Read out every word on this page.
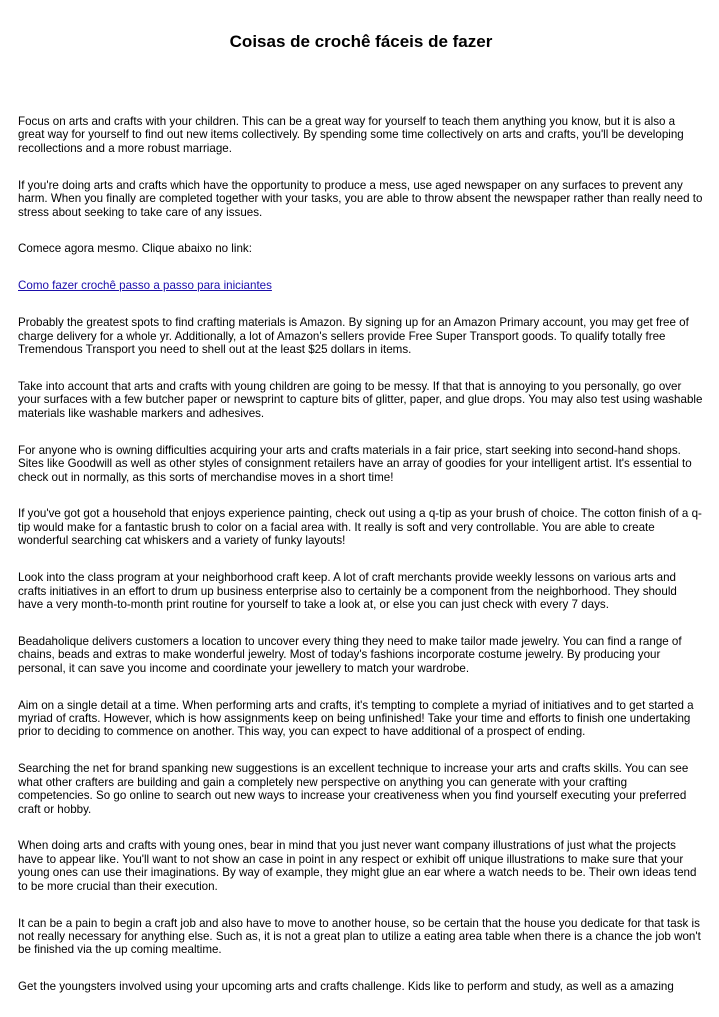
Coisas de crochê fáceis de fazer

Focus on arts and crafts with your children. This can be a great way for yourself to teach them anything you know, but it is also a great way for yourself to find out new items collectively. By spending some time collectively on arts and crafts, you'll be developing recollections and a more robust marriage.

If you're doing arts and crafts which have the opportunity to produce a mess, use aged newspaper on any surfaces to prevent any harm. When you finally are completed together with your tasks, you are able to throw absent the newspaper rather than really need to stress about seeking to take care of any issues.

Comece agora mesmo. Clique abaixo no link:

Como fazer crochê passo a passo para iniciantes

Probably the greatest spots to find crafting materials is Amazon. By signing up for an Amazon Primary account, you may get free of charge delivery for a whole yr. Additionally, a lot of Amazon's sellers provide Free Super Transport goods. To qualify totally free Tremendous Transport you need to shell out at the least $25 dollars in items.

Take into account that arts and crafts with young children are going to be messy. If that that is annoying to you personally, go over your surfaces with a few butcher paper or newsprint to capture bits of glitter, paper, and glue drops. You may also test using washable materials like washable markers and adhesives.

For anyone who is owning difficulties acquiring your arts and crafts materials in a fair price, start seeking into second-hand shops. Sites like Goodwill as well as other styles of consignment retailers have an array of goodies for your intelligent artist. It's essential to check out in normally, as this sorts of merchandise moves in a short time!

If you've got got a household that enjoys experience painting, check out using a q-tip as your brush of choice. The cotton finish of a q-tip would make for a fantastic brush to color on a facial area with. It really is soft and very controllable. You are able to create wonderful searching cat whiskers and a variety of funky layouts!

Look into the class program at your neighborhood craft keep. A lot of craft merchants provide weekly lessons on various arts and crafts initiatives in an effort to drum up business enterprise also to certainly be a component from the neighborhood. They should have a very month-to-month print routine for yourself to take a look at, or else you can just check with every 7 days.

Beadaholique delivers customers a location to uncover every thing they need to make tailor made jewelry. You can find a range of chains, beads and extras to make wonderful jewelry. Most of today's fashions incorporate costume jewelry. By producing your personal, it can save you income and coordinate your jewellery to match your wardrobe.

Aim on a single detail at a time. When performing arts and crafts, it's tempting to complete a myriad of initiatives and to get started a myriad of crafts. However, which is how assignments keep on being unfinished! Take your time and efforts to finish one undertaking prior to deciding to commence on another. This way, you can expect to have additional of a prospect of ending.

Searching the net for brand spanking new suggestions is an excellent technique to increase your arts and crafts skills. You can see what other crafters are building and gain a completely new perspective on anything you can generate with your crafting competencies. So go online to search out new ways to increase your creativeness when you find yourself executing your preferred craft or hobby.

When doing arts and crafts with young ones, bear in mind that you just never want company illustrations of just what the projects have to appear like. You'll want to not show an case in point in any respect or exhibit off unique illustrations to make sure that your young ones can use their imaginations. By way of example, they might glue an ear where a watch needs to be. Their own ideas tend to be more crucial than their execution.

It can be a pain to begin a craft job and also have to move to another house, so be certain that the house you dedicate for that task is not really necessary for anything else. Such as, it is not a great plan to utilize a eating area table when there is a chance the job won't be finished via the up coming mealtime.

Get the youngsters involved using your upcoming arts and crafts challenge. Kids like to perform and study, as well as a amazing
